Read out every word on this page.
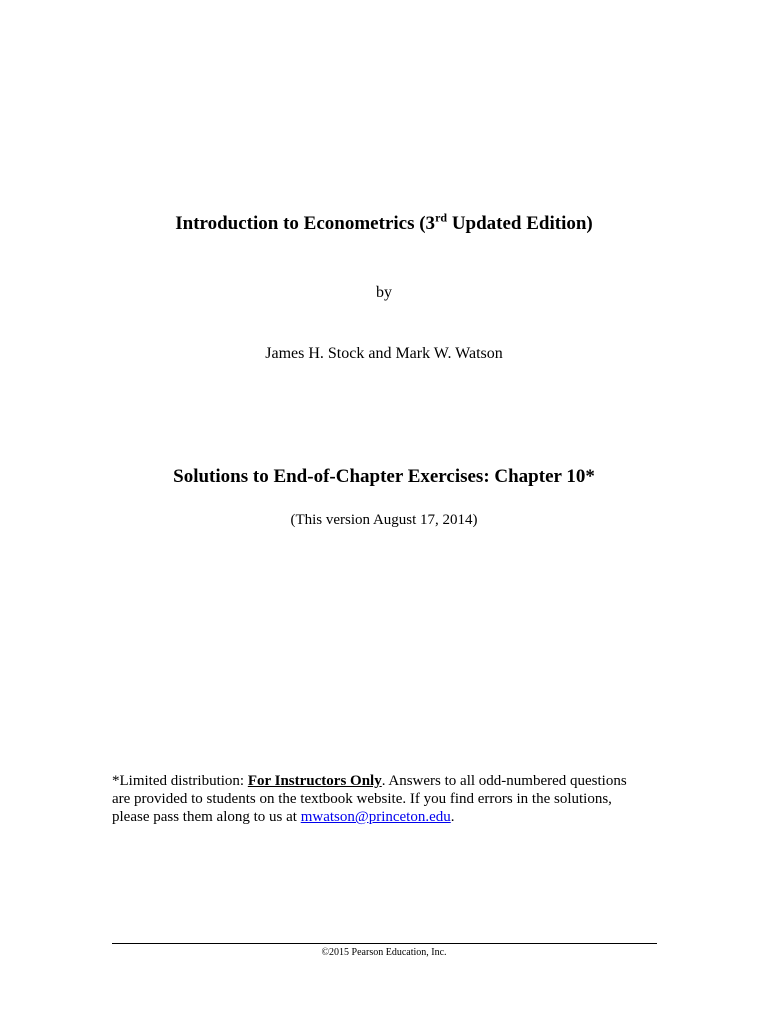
Introduction to Econometrics (3rd Updated Edition)
by
James H. Stock and Mark W. Watson
Solutions to End-of-Chapter Exercises: Chapter 10*
(This version August 17, 2014)
*Limited distribution: For Instructors Only. Answers to all odd-numbered questions
are provided to students on the textbook website. If you find errors in the solutions,
please pass them along to us at mwatson@princeton.edu.
©2015 Pearson Education, Inc.
